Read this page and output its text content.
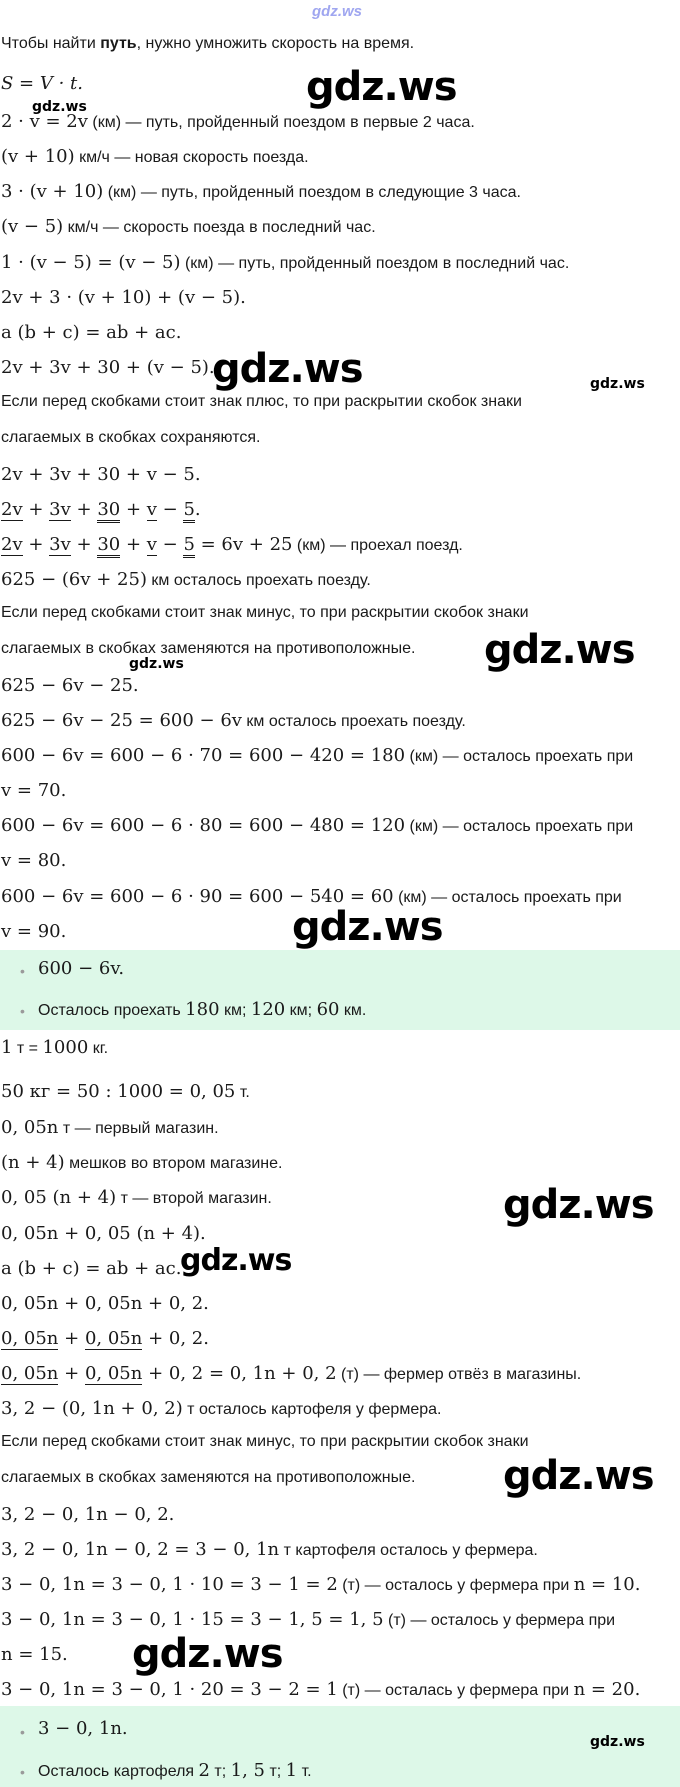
gdz.ws
Чтобы найти путь, нужно умножить скорость на время.
S = V · t.
2 · v = 2v (км) — путь, пройденный поездом в первые 2 часа.
(v + 10) км/ч — новая скорость поезда.
3 · (v + 10) (км) — путь, пройденный поездом в следующие 3 часа.
(v − 5) км/ч — скорость поезда в последний час.
1 · (v − 5) = (v − 5) (км) — путь, пройденный поездом в последний час.
2v + 3 · (v + 10) + (v − 5).
a (b + c) = ab + ac.
2v + 3v + 30 + (v − 5).
Если перед скобками стоит знак плюс, то при раскрытии скобок знаки
слагаемых в скобках сохраняются.
2v + 3v + 30 + v − 5.
2v + 3v + 30 + v − 5.
2v + 3v + 30 + v − 5 = 6v + 25 (км) — проехал поезд.
625 − (6v + 25) км осталось проехать поезду.
Если перед скобками стоит знак минус, то при раскрытии скобок знаки
слагаемых в скобках заменяются на противоположные.
625 − 6v − 25.
625 − 6v − 25 = 600 − 6v км осталось проехать поезду.
600 − 6v = 600 − 6 · 70 = 600 − 420 = 180 (км) — осталось проехать при
v = 70.
600 − 6v = 600 − 6 · 80 = 600 − 480 = 120 (км) — осталось проехать при
v = 80.
600 − 6v = 600 − 6 · 90 = 600 − 540 = 60 (км) — осталось проехать при
v = 90.
• 600 − 6v.
• Осталось проехать 180 км; 120 км; 60 км.
1 т = 1000 кг.
50 кг = 50 : 1000 = 0, 05 т.
0, 05n т — первый магазин.
(n + 4) мешков во втором магазине.
0, 05 (n + 4) т — второй магазин.
0, 05n + 0, 05 (n + 4).
a (b + c) = ab + ac.
0, 05n + 0, 05n + 0, 2.
0, 05n + 0, 05n + 0, 2.
0, 05n + 0, 05n + 0, 2 = 0, 1n + 0, 2 (т) — фермер отвёз в магазины.
3, 2 − (0, 1n + 0, 2) т осталось картофеля у фермера.
Если перед скобками стоит знак минус, то при раскрытии скобок знаки
слагаемых в скобках заменяются на противоположные.
3, 2 − 0, 1n − 0, 2.
3, 2 − 0, 1n − 0, 2 = 3 − 0, 1n т картофеля осталось у фермера.
3 − 0, 1n = 3 − 0, 1 · 10 = 3 − 1 = 2 (т) — осталось у фермера при n = 10.
3 − 0, 1n = 3 − 0, 1 · 15 = 3 − 1, 5 = 1, 5 (т) — осталось у фермера при
n = 15.
3 − 0, 1n = 3 − 0, 1 · 20 = 3 − 2 = 1 (т) — осталась у фермера при n = 20.
• 3 − 0, 1n.
• Осталось картофеля 2 т; 1, 5 т; 1 т.
gdz.ws
gdz.ws
gdz.ws	gdz.ws
gdz.ws
gdz.ws
gdz.ws
gdz.ws
gdz.ws
gdz.ws
gdz.ws
gdz.ws
